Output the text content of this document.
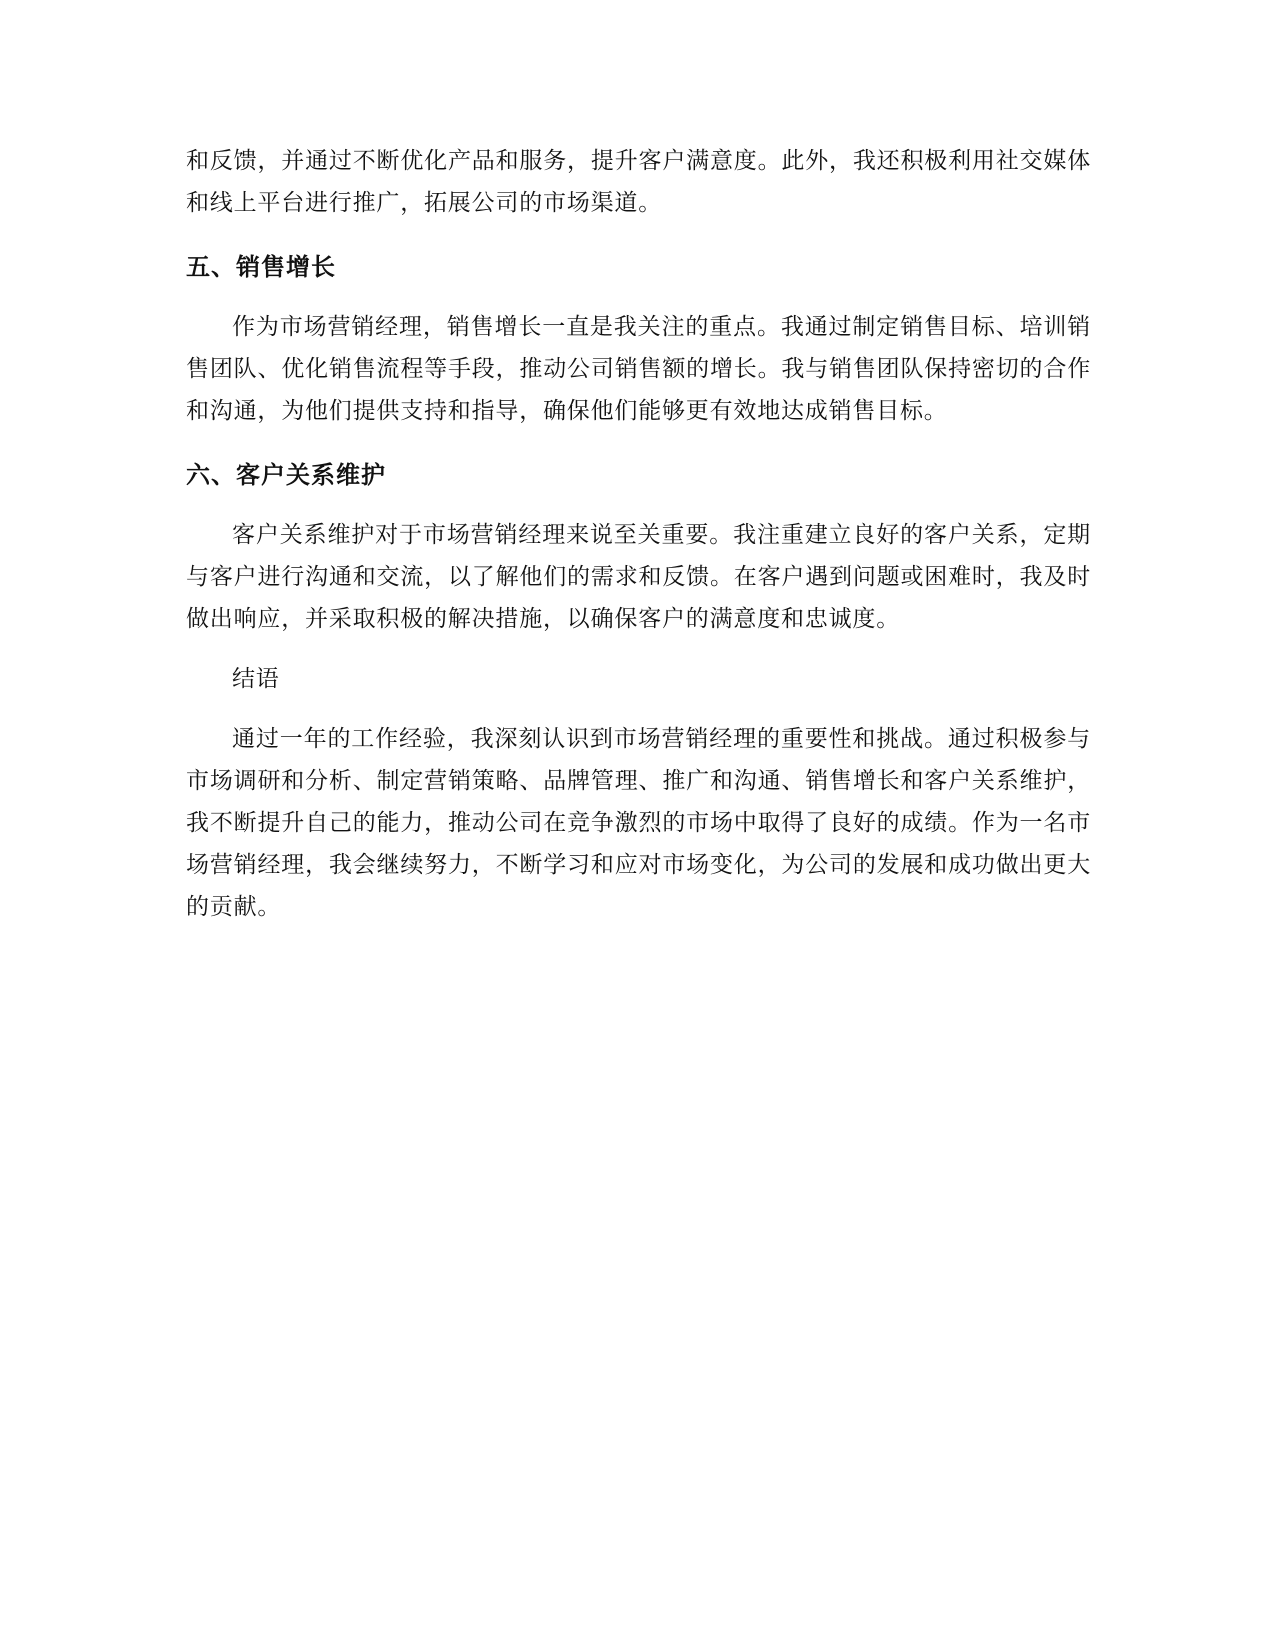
和反馈，并通过不断优化产品和服务，提升客户满意度。此外，我还积极利用社交媒体和线上平台进行推广，拓展公司的市场渠道。

五、销售增长

作为市场营销经理，销售增长一直是我关注的重点。我通过制定销售目标、培训销售团队、优化销售流程等手段，推动公司销售额的增长。我与销售团队保持密切的合作和沟通，为他们提供支持和指导，确保他们能够更有效地达成销售目标。

六、客户关系维护

客户关系维护对于市场营销经理来说至关重要。我注重建立良好的客户关系，定期与客户进行沟通和交流，以了解他们的需求和反馈。在客户遇到问题或困难时，我及时做出响应，并采取积极的解决措施，以确保客户的满意度和忠诚度。

结语

通过一年的工作经验，我深刻认识到市场营销经理的重要性和挑战。通过积极参与市场调研和分析、制定营销策略、品牌管理、推广和沟通、销售增长和客户关系维护，我不断提升自己的能力，推动公司在竞争激烈的市场中取得了良好的成绩。作为一名市场营销经理，我会继续努力，不断学习和应对市场变化，为公司的发展和成功做出更大的贡献。
